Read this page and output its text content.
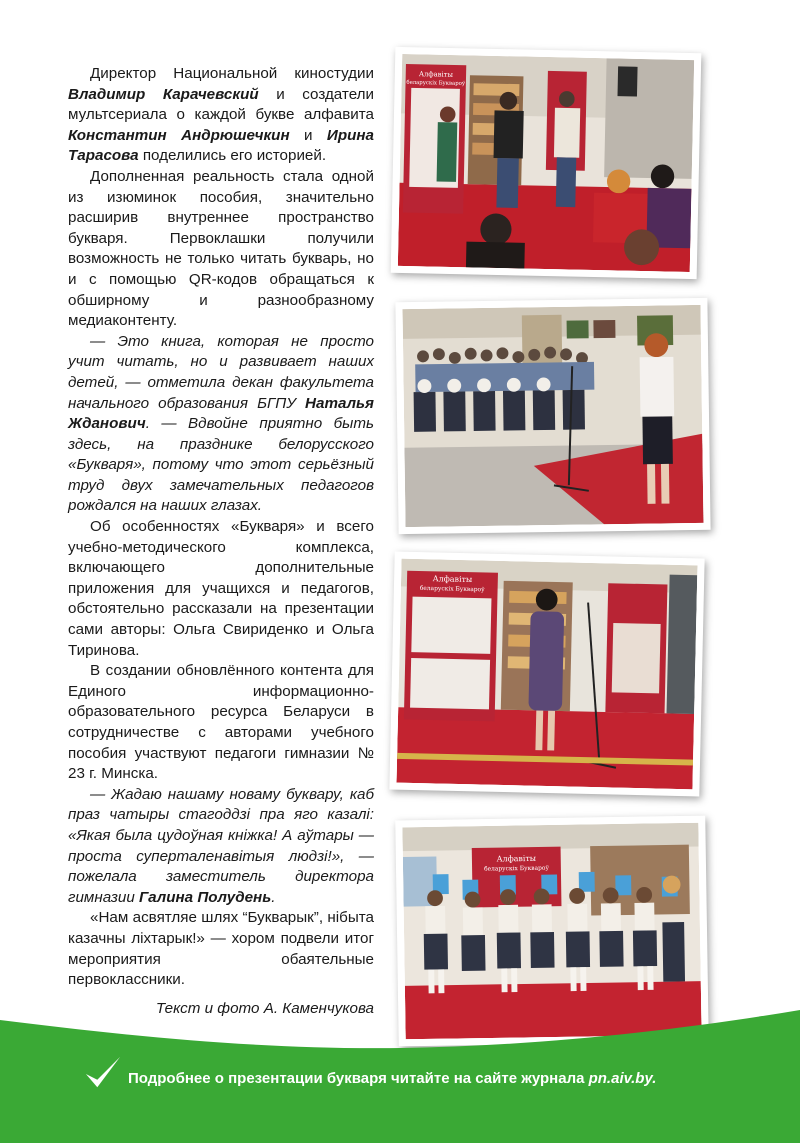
Директор Национальной киностудии Владимир Карачевский и создатели мультсериала о каждой букве алфавита Константин Андрюшечкин и Ирина Тарасова поделились его историей.

Дополненная реальность стала одной из изюминок пособия, значительно расширив внутреннее пространство букваря. Первоклашки получили возможность не только читать букварь, но и с помощью QR-кодов обращаться к обширному и разнообразному медиаконтенту.

— Это книга, которая не просто учит читать, но и развивает наших детей, — отметила декан факультета начального образования БГПУ Наталья Жданович. — Вдвойне приятно быть здесь, на празднике белорусского «Букваря», потому что этот серьёзный труд двух замечательных педагогов рождался на наших глазах.

Об особенностях «Букваря» и всего учебно-методического комплекса, включающего дополнительные приложения для учащихся и педагогов, обстоятельно рассказали на презентации сами авторы: Ольга Свириденко и Ольга Тиринова.

В создании обновлённого контента для Единого информационно-образовательного ресурса Беларуси в сотрудничестве с авторами учебного пособия участвуют педагоги гимназии № 23 г. Минска.

— Жадаю нашаму новаму буквару, каб праз чатыры стагоддзі пра яго казалі: «Якая была цудоўная кніжка! А аўтары — проста суперталенавітыя людзі!», — пожелала заместитель директора гимназии Галина Полудень.

«Нам асвятляе шлях “Букварык”, нібыта казачны ліхтарык!» — хором подвели итог мероприятия обаятельные первоклассники.

Текст и фото А. Каменчукова

Алфавіты
беларускіх Буквароў
Алфавіты
беларускіх Буквароў
Алфавіты
беларускіх Буквароў
Подробнее о презентации букваря читайте на сайте журнала pn.aiv.by.
